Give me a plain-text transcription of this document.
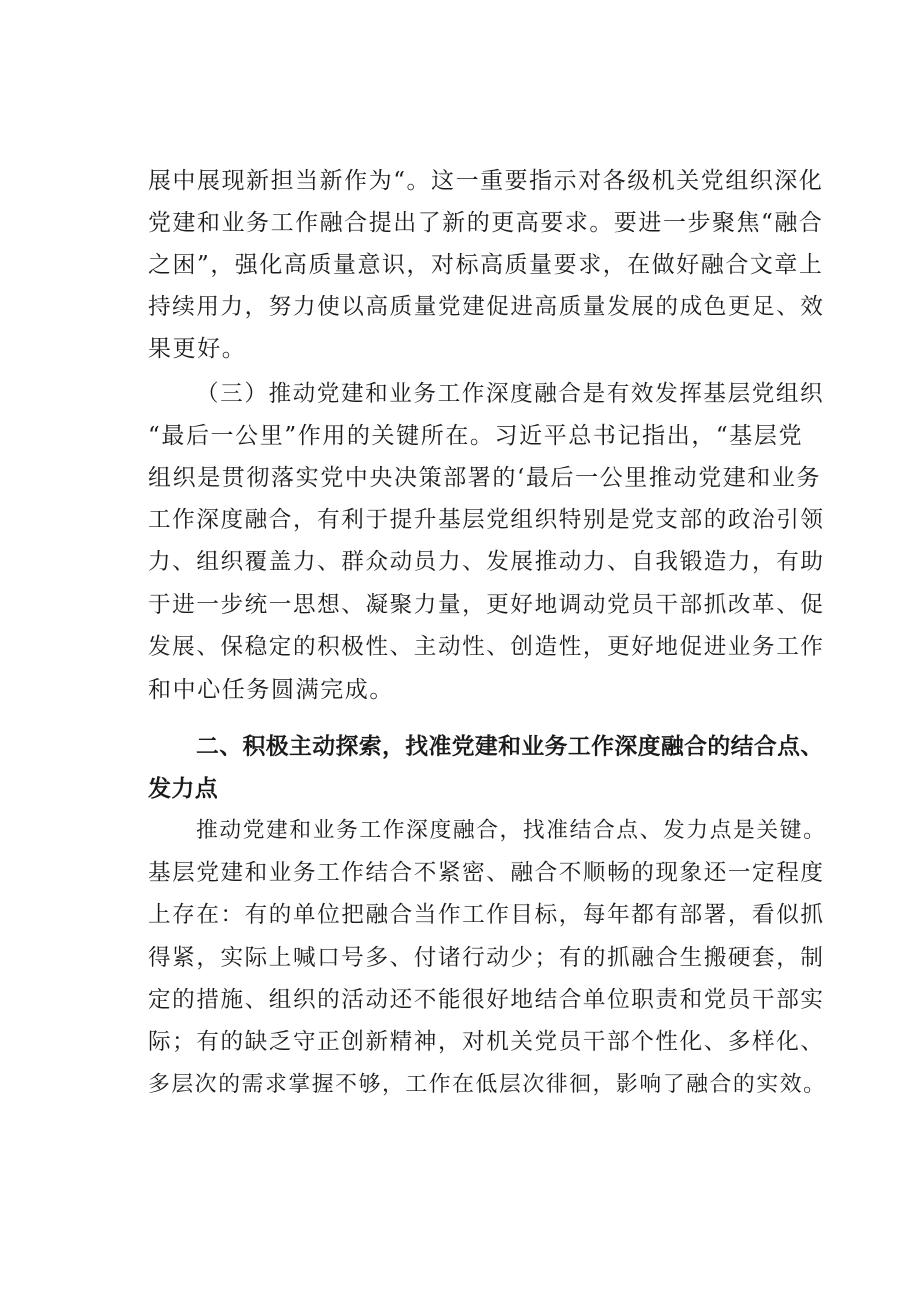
展中展现新担当新作为“。这一重要指示对各级机关党组织深化
党建和业务工作融合提出了新的更高要求。要进一步聚焦“融合
之困”，强化高质量意识，对标高质量要求，在做好融合文章上
持续用力，努力使以高质量党建促进高质量发展的成色更足、效
果更好。
（三）推动党建和业务工作深度融合是有效发挥基层党组织
“最后一公里”作用的关键所在。习近平总书记指出，“基层党
组织是贯彻落实党中央决策部署的‘最后一公里推动党建和业务
工作深度融合，有利于提升基层党组织特别是党支部的政治引领
力、组织覆盖力、群众动员力、发展推动力、自我锻造力，有助
于进一步统一思想、凝聚力量，更好地调动党员干部抓改革、促
发展、保稳定的积极性、主动性、创造性，更好地促进业务工作
和中心任务圆满完成。
二、积极主动探索，找准党建和业务工作深度融合的结合点、
发力点
推动党建和业务工作深度融合，找准结合点、发力点是关键。
基层党建和业务工作结合不紧密、融合不顺畅的现象还一定程度
上存在：有的单位把融合当作工作目标，每年都有部署，看似抓
得紧，实际上喊口号多、付诸行动少；有的抓融合生搬硬套，制
定的措施、组织的活动还不能很好地结合单位职责和党员干部实
际；有的缺乏守正创新精神，对机关党员干部个性化、多样化、
多层次的需求掌握不够，工作在低层次徘徊，影响了融合的实效。
